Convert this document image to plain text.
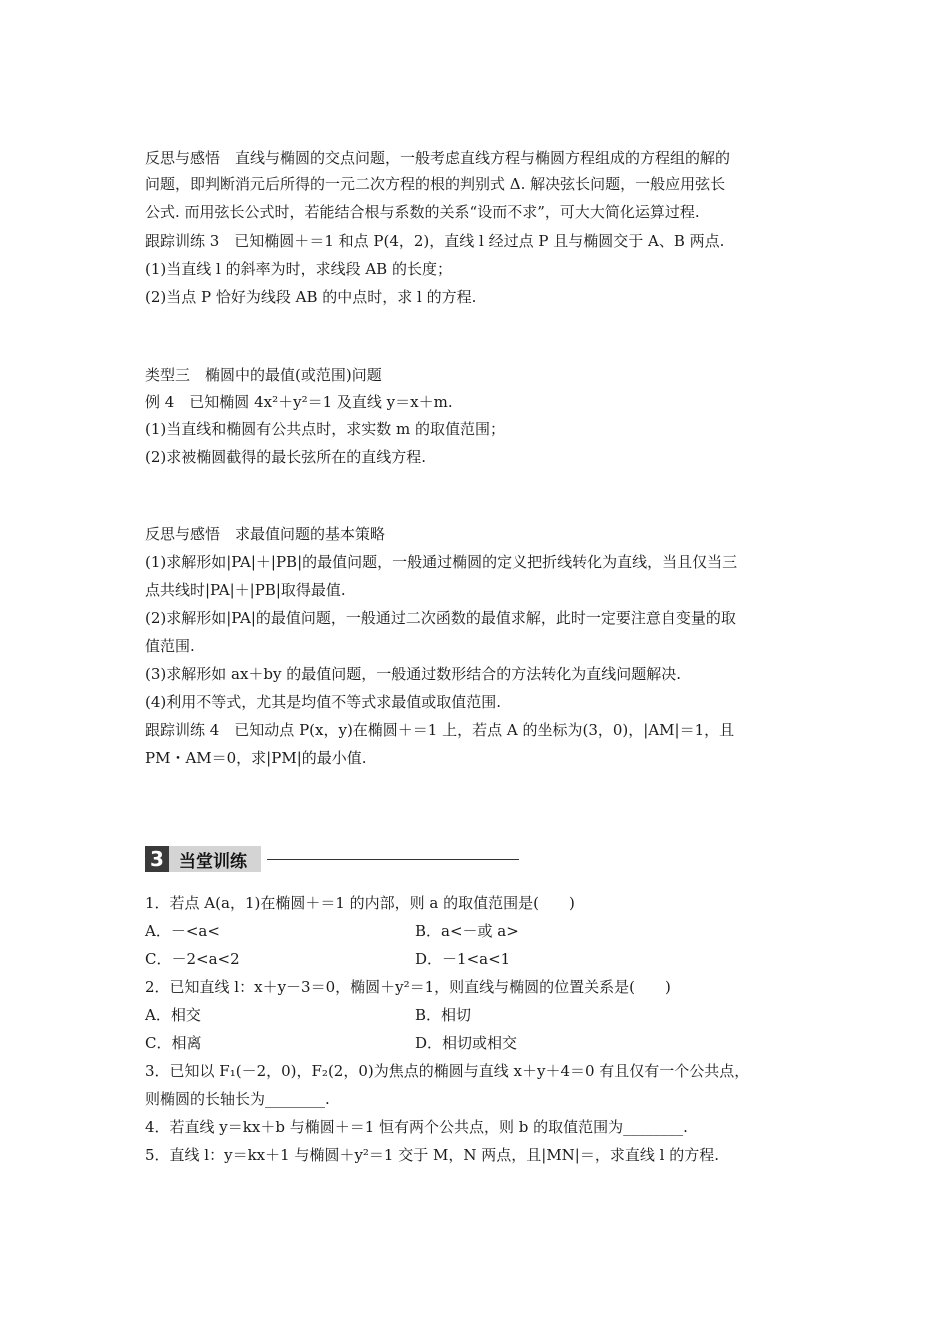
反思与感悟　直线与椭圆的交点问题，一般考虑直线方程与椭圆方程组成的方程组的解的

问题，即判断消元后所得的一元二次方程的根的判别式 Δ. 解决弦长问题，一般应用弦长

公式. 而用弦长公式时，若能结合根与系数的关系“设而不求”，可大大简化运算过程.

跟踪训练 3　已知椭圆＋＝1 和点 P(4，2)，直线 l 经过点 P 且与椭圆交于 A、B 两点.

(1)当直线 l 的斜率为时，求线段 AB 的长度；

(2)当点 P 恰好为线段 AB 的中点时，求 l 的方程.

类型三　椭圆中的最值(或范围)问题

例 4　已知椭圆 4x²＋y²＝1 及直线 y＝x＋m.

(1)当直线和椭圆有公共点时，求实数 m 的取值范围；

(2)求被椭圆截得的最长弦所在的直线方程.

反思与感悟　求最值问题的基本策略

(1)求解形如|PA|＋|PB|的最值问题，一般通过椭圆的定义把折线转化为直线，当且仅当三

点共线时|PA|＋|PB|取得最值.

(2)求解形如|PA|的最值问题，一般通过二次函数的最值求解，此时一定要注意自变量的取

值范围.

(3)求解形如 ax＋by 的最值问题，一般通过数形结合的方法转化为直线问题解决.

(4)利用不等式，尤其是均值不等式求最值或取值范围.

跟踪训练 4　已知动点 P(x，y)在椭圆＋＝1 上，若点 A 的坐标为(3，0)，|AM|＝1，且

PM・AM＝0，求|PM|的最小值.

3 当堂训练

1．若点 A(a，1)在椭圆＋＝1 的内部，则 a 的取值范围是(　　)

A．－<a<	B．a<－或 a>

C．－2<a<2	D．－1<a<1

2．已知直线 l：x＋y－3＝0，椭圆＋y²＝1，则直线与椭圆的位置关系是(　　)

A．相交	B．相切

C．相离	D．相切或相交

3．已知以 F₁(－2，0)，F₂(2，0)为焦点的椭圆与直线 x＋y＋4＝0 有且仅有一个公共点，

则椭圆的长轴长为________.

4．若直线 y＝kx＋b 与椭圆＋＝1 恒有两个公共点，则 b 的取值范围为________.

5．直线 l：y＝kx＋1 与椭圆＋y²＝1 交于 M，N 两点，且|MN|＝，求直线 l 的方程.
